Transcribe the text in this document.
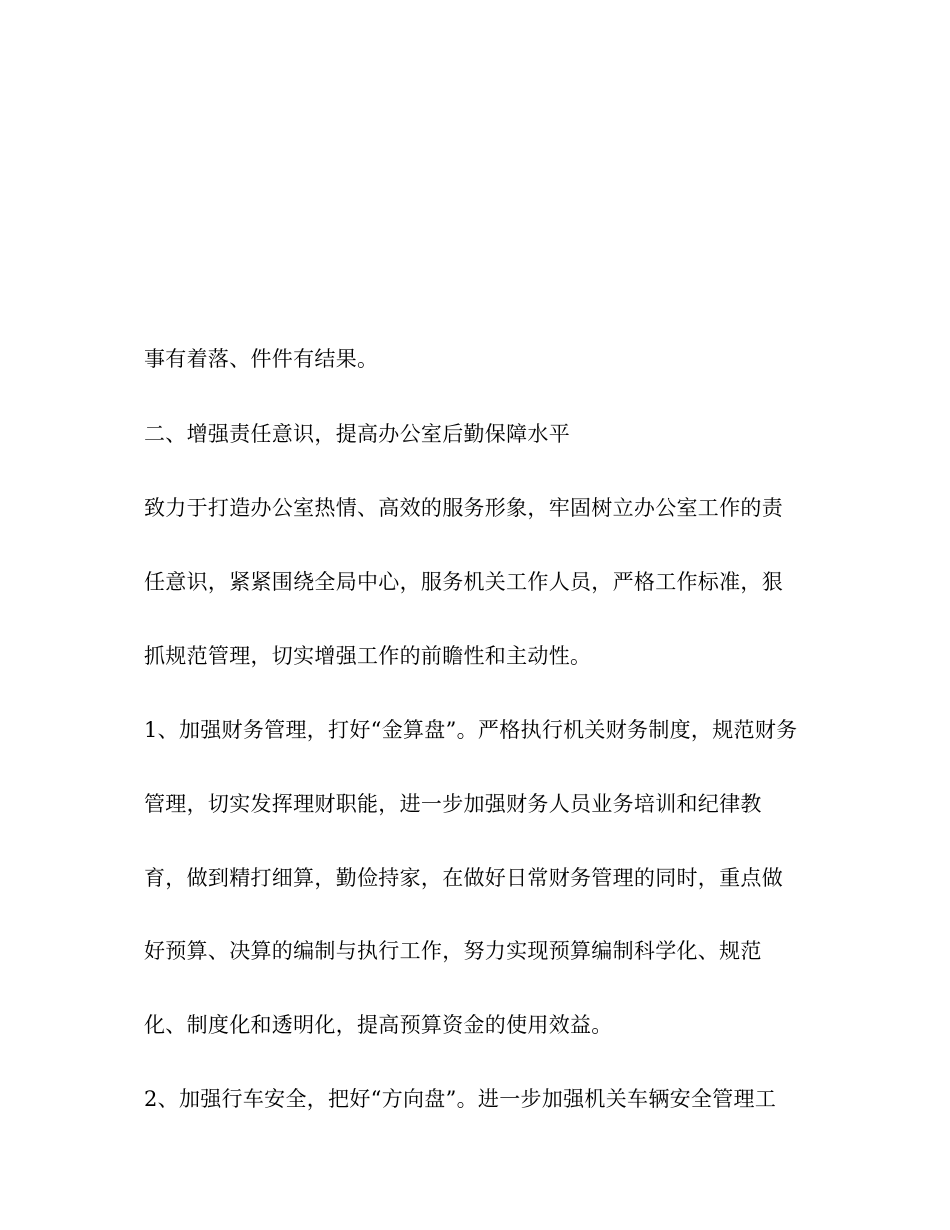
事有着落、件件有结果。
二、增强责任意识，提高办公室后勤保障水平
致力于打造办公室热情、高效的服务形象，牢固树立办公室工作的责
任意识，紧紧围绕全局中心，服务机关工作人员，严格工作标准，狠
抓规范管理，切实增强工作的前瞻性和主动性。
1、加强财务管理，打好“金算盘”。严格执行机关财务制度，规范财务
管理，切实发挥理财职能，进一步加强财务人员业务培训和纪律教
育，做到精打细算，勤俭持家，在做好日常财务管理的同时，重点做
好预算、决算的编制与执行工作，努力实现预算编制科学化、规范
化、制度化和透明化，提高预算资金的使用效益。
2、加强行车安全，把好“方向盘”。进一步加强机关车辆安全管理工
